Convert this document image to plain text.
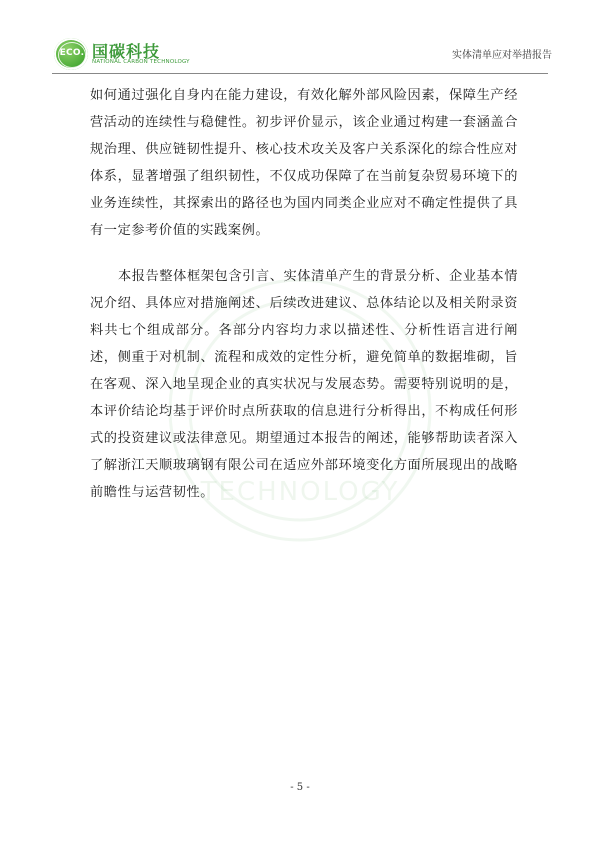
ECO. 国碳科技
NATIONAL CARBON TECHNOLOGY
实体清单应对举措报告
TECHNOLOGY

如何通过强化自身内在能力建设，有效化解外部风险因素，保障生产经营活动的连续性与稳健性。初步评价显示，该企业通过构建一套涵盖合规治理、供应链韧性提升、核心技术攻关及客户关系深化的综合性应对体系，显著增强了组织韧性，不仅成功保障了在当前复杂贸易环境下的业务连续性，其探索出的路径也为国内同类企业应对不确定性提供了具有一定参考价值的实践案例。

本报告整体框架包含引言、实体清单产生的背景分析、企业基本情况介绍、具体应对措施阐述、后续改进建议、总体结论以及相关附录资料共七个组成部分。各部分内容均力求以描述性、分析性语言进行阐述，侧重于对机制、流程和成效的定性分析，避免简单的数据堆砌，旨在客观、深入地呈现企业的真实状况与发展态势。需要特别说明的是，本评价结论均基于评价时点所获取的信息进行分析得出，不构成任何形式的投资建议或法律意见。期望通过本报告的阐述，能够帮助读者深入了解浙江天顺玻璃钢有限公司在适应外部环境变化方面所展现出的战略前瞻性与运营韧性。

- 5 -
